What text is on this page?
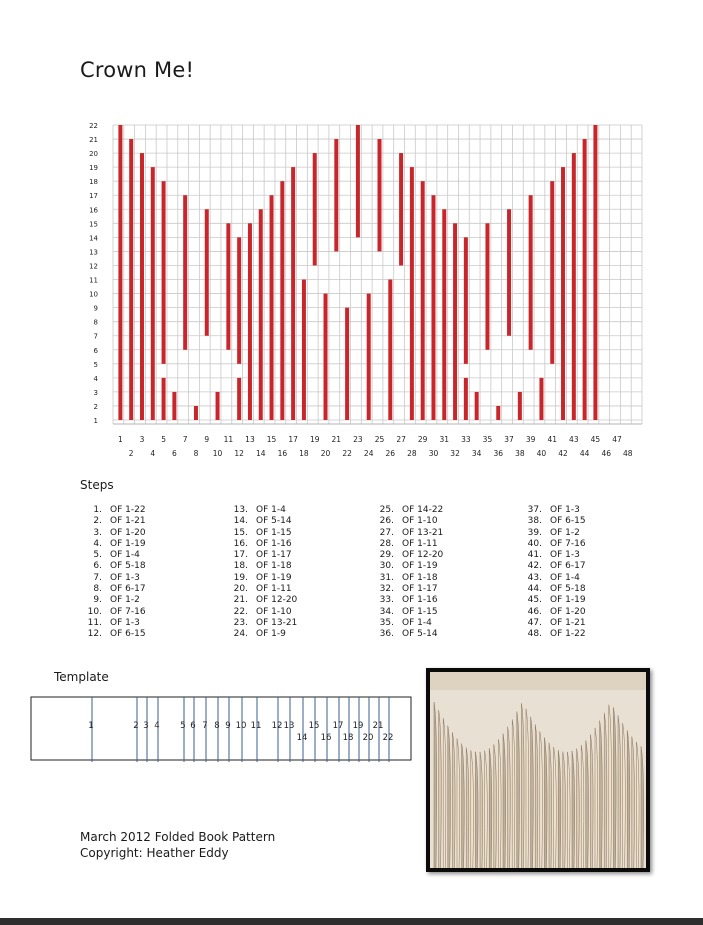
Crown Me!
1
2
3
4
5
6
7
8
9
10
11
12
13
14
15
16
17
18
19
20
21
22
1
2
3
4
5
6
7
8
9
10
11
12
13
14
15
16
17
18
19
20
21
22
23
24
25
26
27
28
29
30
31
32
33
34
35
36
37
38
39
40
41
42
43
44
45
46
47
48
Steps
1. OF 1-22
2. OF 1-21
3. OF 1-20
4. OF 1-19
5. OF 1-4
6. OF 5-18
7. OF 1-3
8. OF 6-17
9. OF 1-2
10. OF 7-16
11. OF 1-3
12. OF 6-15
13. OF 1-4
14. OF 5-14
15. OF 1-15
16. OF 1-16
17. OF 1-17
18. OF 1-18
19. OF 1-19
20. OF 1-11
21. OF 12-20
22. OF 1-10
23. OF 13-21
24. OF 1-9
25. OF 14-22
26. OF 1-10
27. OF 13-21
28. OF 1-11
29. OF 12-20
30. OF 1-19
31. OF 1-18
32. OF 1-17
33. OF 1-16
34. OF 1-15
35. OF 1-4
36. OF 5-14
37. OF 1-3
38. OF 6-15
39. OF 1-2
40. OF 7-16
41. OF 1-3
42. OF 6-17
43. OF 1-4
44. OF 5-18
45. OF 1-19
46. OF 1-20
47. OF 1-21
48. OF 1-22
Template
1	2 3 4 5 6 7 8 9 10 11 12 13
14
15
16
17
18
19
20
21
22
March 2012 Folded Book Pattern
Copyright: Heather Eddy
